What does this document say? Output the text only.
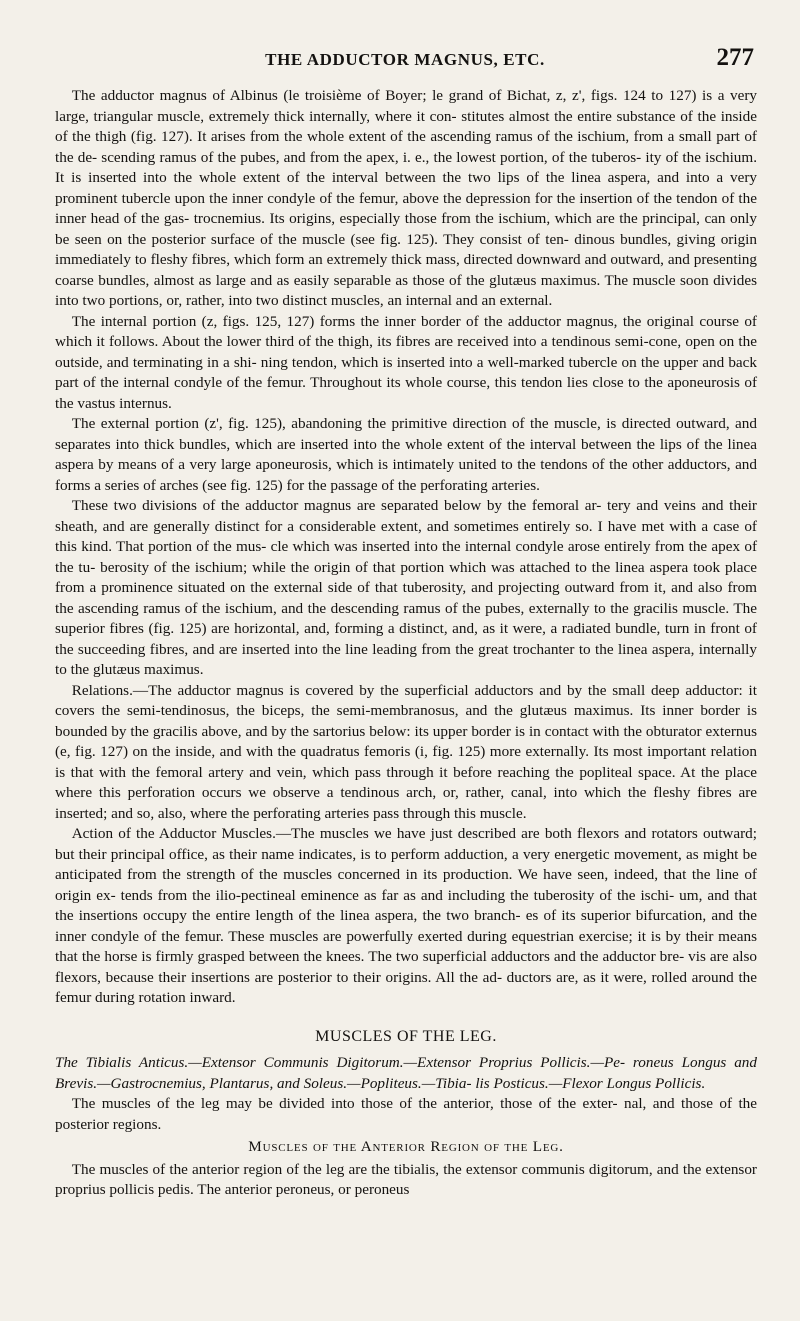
THE ADDUCTOR MAGNUS, ETC.	277

The adductor magnus of Albinus (le troisième of Boyer; le grand of Bichat, z, z', figs. 124 to 127) is a very large, triangular muscle, extremely thick internally, where it con- stitutes almost the entire substance of the inside of the thigh (fig. 127). It arises from the whole extent of the ascending ramus of the ischium, from a small part of the de- scending ramus of the pubes, and from the apex, i. e., the lowest portion, of the tuberos- ity of the ischium. It is inserted into the whole extent of the interval between the two lips of the linea aspera, and into a very prominent tubercle upon the inner condyle of the femur, above the depression for the insertion of the tendon of the inner head of the gas- trocnemius. Its origins, especially those from the ischium, which are the principal, can only be seen on the posterior surface of the muscle (see fig. 125). They consist of ten- dinous bundles, giving origin immediately to fleshy fibres, which form an extremely thick mass, directed downward and outward, and presenting coarse bundles, almost as large and as easily separable as those of the glutæus maximus. The muscle soon divides into two portions, or, rather, into two distinct muscles, an internal and an external.

The internal portion (z, figs. 125, 127) forms the inner border of the adductor magnus, the original course of which it follows. About the lower third of the thigh, its fibres are received into a tendinous semi-cone, open on the outside, and terminating in a shi- ning tendon, which is inserted into a well-marked tubercle on the upper and back part of the internal condyle of the femur. Throughout its whole course, this tendon lies close to the aponeurosis of the vastus internus.

The external portion (z', fig. 125), abandoning the primitive direction of the muscle, is directed outward, and separates into thick bundles, which are inserted into the whole extent of the interval between the lips of the linea aspera by means of a very large aponeurosis, which is intimately united to the tendons of the other adductors, and forms a series of arches (see fig. 125) for the passage of the perforating arteries.

These two divisions of the adductor magnus are separated below by the femoral ar- tery and veins and their sheath, and are generally distinct for a considerable extent, and sometimes entirely so. I have met with a case of this kind. That portion of the mus- cle which was inserted into the internal condyle arose entirely from the apex of the tu- berosity of the ischium; while the origin of that portion which was attached to the linea aspera took place from a prominence situated on the external side of that tuberosity, and projecting outward from it, and also from the ascending ramus of the ischium, and the descending ramus of the pubes, externally to the gracilis muscle. The superior fibres (fig. 125) are horizontal, and, forming a distinct, and, as it were, a radiated bundle, turn in front of the succeeding fibres, and are inserted into the line leading from the great trochanter to the linea aspera, internally to the glutæus maximus.

Relations.—The adductor magnus is covered by the superficial adductors and by the small deep adductor: it covers the semi-tendinosus, the biceps, the semi-membranosus, and the glutæus maximus. Its inner border is bounded by the gracilis above, and by the sartorius below: its upper border is in contact with the obturator externus (e, fig. 127) on the inside, and with the quadratus femoris (i, fig. 125) more externally. Its most important relation is that with the femoral artery and vein, which pass through it before reaching the popliteal space. At the place where this perforation occurs we observe a tendinous arch, or, rather, canal, into which the fleshy fibres are inserted; and so, also, where the perforating arteries pass through this muscle.

Action of the Adductor Muscles.—The muscles we have just described are both flexors and rotators outward; but their principal office, as their name indicates, is to perform adduction, a very energetic movement, as might be anticipated from the strength of the muscles concerned in its production. We have seen, indeed, that the line of origin ex- tends from the ilio-pectineal eminence as far as and including the tuberosity of the ischi- um, and that the insertions occupy the entire length of the linea aspera, the two branch- es of its superior bifurcation, and the inner condyle of the femur. These muscles are powerfully exerted during equestrian exercise; it is by their means that the horse is firmly grasped between the knees. The two superficial adductors and the adductor bre- vis are also flexors, because their insertions are posterior to their origins. All the ad- ductors are, as it were, rolled around the femur during rotation inward.

MUSCLES OF THE LEG.

The Tibialis Anticus.—Extensor Communis Digitorum.—Extensor Proprius Pollicis.—Pe- roneus Longus and Brevis.—Gastrocnemius, Plantarus, and Soleus.—Popliteus.—Tibia- lis Posticus.—Flexor Longus Pollicis.

The muscles of the leg may be divided into those of the anterior, those of the exter- nal, and those of the posterior regions.

Muscles of the Anterior Region of the Leg.

The muscles of the anterior region of the leg are the tibialis, the extensor communis digitorum, and the extensor proprius pollicis pedis. The anterior peroneus, or peroneus
